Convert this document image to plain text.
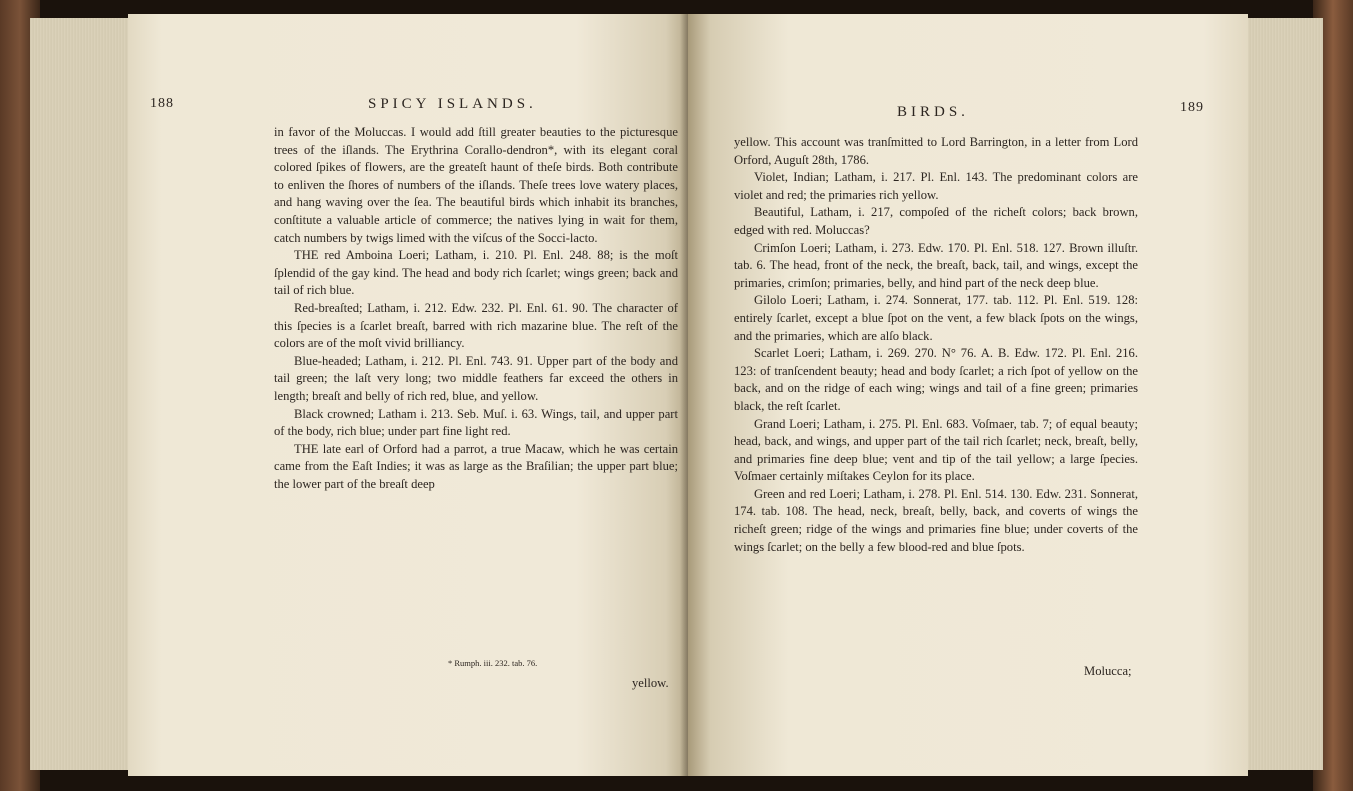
188	SPICY ISLANDS.

in favor of the Moluccas. I would add ſtill greater beauties to the picturesque trees of the iſlands. The Erythrina Corallo-dendron*, with its elegant coral colored ſpikes of flowers, are the greateſt haunt of theſe birds. Both contribute to enliven the ſhores of numbers of the iſlands. Theſe trees love watery places, and hang waving over the ſea. The beautiful birds which inhabit its branches, conſtitute a valuable article of commerce; the natives lying in wait for them, catch numbers by twigs limed with the viſcus of the Socci-lacto.

THE red Amboina Loeri; Latham, i. 210. Pl. Enl. 248. 88; is the moſt ſplendid of the gay kind. The head and body rich ſcarlet; wings green; back and tail of rich blue.

Red-breaſted; Latham, i. 212. Edw. 232. Pl. Enl. 61. 90. The character of this ſpecies is a ſcarlet breaſt, barred with rich mazarine blue. The reſt of the colors are of the moſt vivid brilliancy.

Blue-headed; Latham, i. 212. Pl. Enl. 743. 91. Upper part of the body and tail green; the laſt very long; two middle feathers far exceed the others in length; breaſt and belly of rich red, blue, and yellow.

Black crowned; Latham i. 213. Seb. Muſ. i. 63. Wings, tail, and upper part of the body, rich blue; under part fine light red.

THE late earl of Orford had a parrot, a true Macaw, which he was certain came from the Eaſt Indies; it was as large as the Braſilian; the upper part blue; the lower part of the breaſt deep

* Rumph. iii. 232. tab. 76.
yellow.
BIRDS.	189

yellow. This account was tranſmitted to Lord Barrington, in a letter from Lord Orford, Auguſt 28th, 1786.

Violet, Indian; Latham, i. 217. Pl. Enl. 143. The predominant colors are violet and red; the primaries rich yellow.

Beautiful, Latham, i. 217, compoſed of the richeſt colors; back brown, edged with red. Moluccas?

Crimſon Loeri; Latham, i. 273. Edw. 170. Pl. Enl. 518. 127. Brown illuſtr. tab. 6. The head, front of the neck, the breaſt, back, tail, and wings, except the primaries, crimſon; primaries, belly, and hind part of the neck deep blue.

Gilolo Loeri; Latham, i. 274. Sonnerat, 177. tab. 112. Pl. Enl. 519. 128: entirely ſcarlet, except a blue ſpot on the vent, a few black ſpots on the wings, and the primaries, which are alſo black.

Scarlet Loeri; Latham, i. 269. 270. N° 76. A. B. Edw. 172. Pl. Enl. 216. 123: of tranſcendent beauty; head and body ſcarlet; a rich ſpot of yellow on the back, and on the ridge of each wing; wings and tail of a fine green; primaries black, the reſt ſcarlet.

Grand Loeri; Latham, i. 275. Pl. Enl. 683. Voſmaer, tab. 7; of equal beauty; head, back, and wings, and upper part of the tail rich ſcarlet; neck, breaſt, belly, and primaries fine deep blue; vent and tip of the tail yellow; a large ſpecies. Voſmaer certainly miſtakes Ceylon for its place.

Green and red Loeri; Latham, i. 278. Pl. Enl. 514. 130. Edw. 231. Sonnerat, 174. tab. 108. The head, neck, breaſt, belly, back, and coverts of wings the richeſt green; ridge of the wings and primaries fine blue; under coverts of the wings ſcarlet; on the belly a few blood-red and blue ſpots.

Molucca;
